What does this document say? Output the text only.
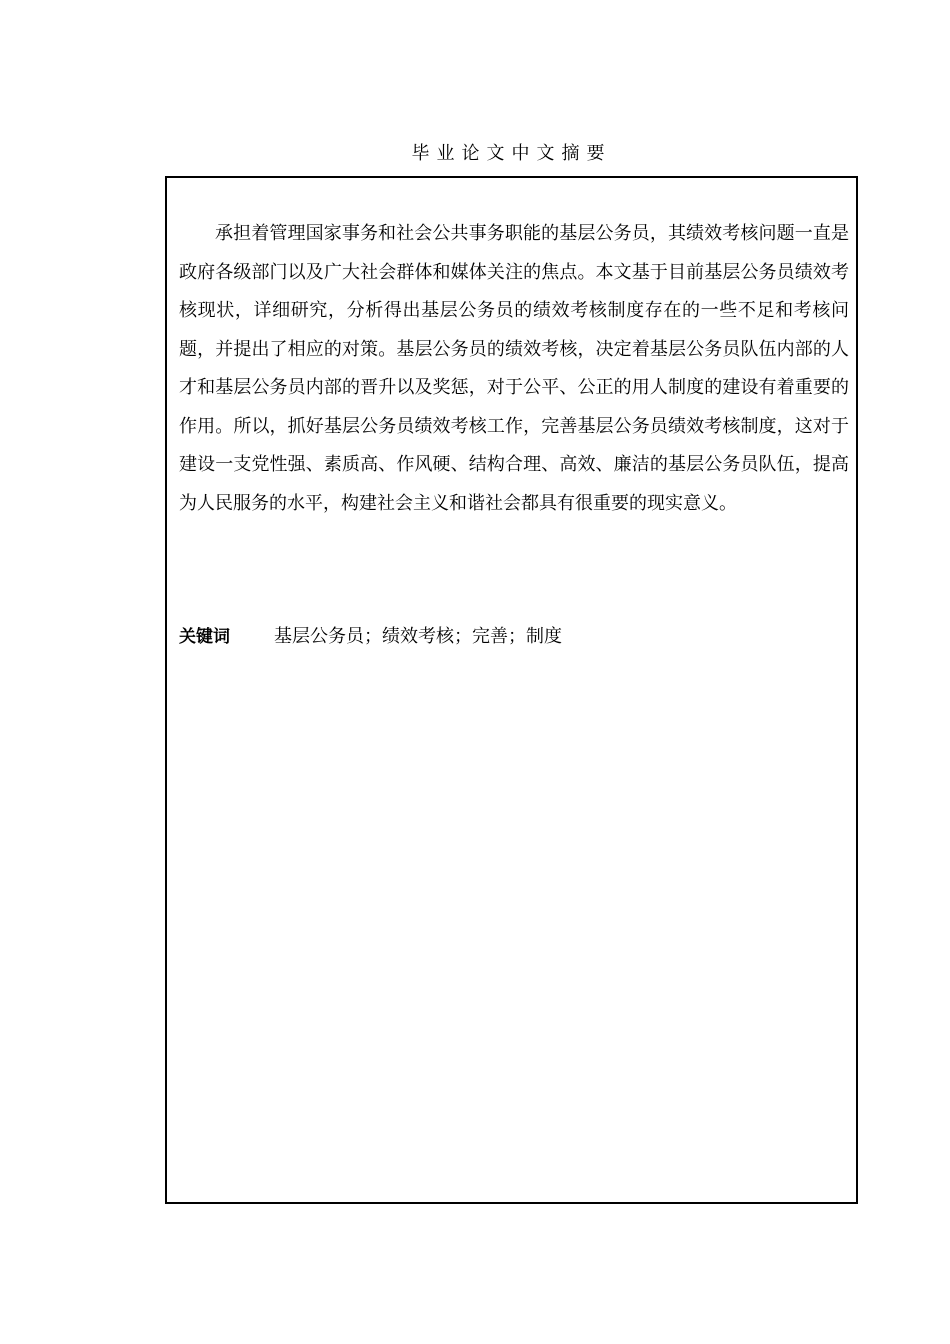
毕业论文中文摘要

承担着管理国家事务和社会公共事务职能的基层公务员，其绩效考核问题一直是政府各级部门以及广大社会群体和媒体关注的焦点。本文基于目前基层公务员绩效考核现状，详细研究，分析得出基层公务员的绩效考核制度存在的一些不足和考核问题，并提出了相应的对策。基层公务员的绩效考核，决定着基层公务员队伍内部的人才和基层公务员内部的晋升以及奖惩，对于公平、公正的用人制度的建设有着重要的作用。所以，抓好基层公务员绩效考核工作，完善基层公务员绩效考核制度，这对于建设一支党性强、素质高、作风硬、结构合理、高效、廉洁的基层公务员队伍，提高为人民服务的水平，构建社会主义和谐社会都具有很重要的现实意义。

关键词 基层公务员；绩效考核；完善；制度
